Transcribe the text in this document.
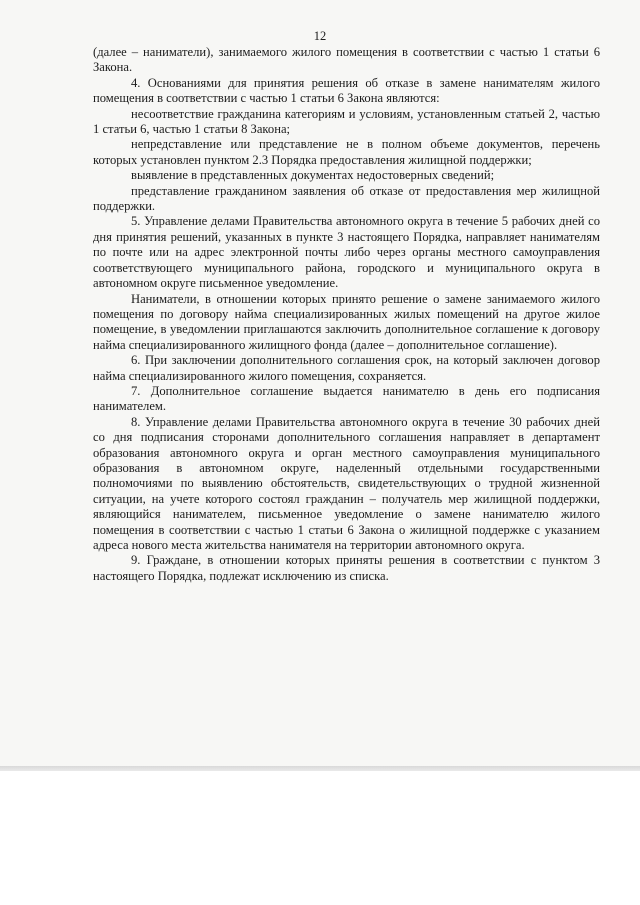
12

(далее – наниматели), занимаемого жилого помещения в соответствии с частью 1 статьи 6 Закона.

4. Основаниями для принятия решения об отказе в замене нанимателям жилого помещения в соответствии с частью 1 статьи 6 Закона являются:

несоответствие гражданина категориям и условиям, установленным статьей 2, частью 1 статьи 6, частью 1 статьи 8 Закона;

непредставление или представление не в полном объеме документов, перечень которых установлен пунктом 2.3 Порядка предоставления жилищной поддержки;

выявление в представленных документах недостоверных сведений;

представление гражданином заявления об отказе от предоставления мер жилищной поддержки.

5. Управление делами Правительства автономного округа в течение 5 рабочих дней со дня принятия решений, указанных в пункте 3 настоящего Порядка, направляет нанимателям по почте или на адрес электронной почты либо через органы местного самоуправления соответствующего муниципального района, городского и муниципального округа в автономном округе письменное уведомление.

Наниматели, в отношении которых принято решение о замене занимаемого жилого помещения по договору найма специализированных жилых помещений на другое жилое помещение, в уведомлении приглашаются заключить дополнительное соглашение к договору найма специализированного жилищного фонда (далее – дополнительное соглашение).

6. При заключении дополнительного соглашения срок, на который заключен договор найма специализированного жилого помещения, сохраняется.

7. Дополнительное соглашение выдается нанимателю в день его подписания нанимателем.

8. Управление делами Правительства автономного округа в течение 30 рабочих дней со дня подписания сторонами дополнительного соглашения направляет в департамент образования автономного округа и орган местного самоуправления муниципального образования в автономном округе, наделенный отдельными государственными полномочиями по выявлению обстоятельств, свидетельствующих о трудной жизненной ситуации, на учете которого состоял гражданин – получатель мер жилищной поддержки, являющийся нанимателем, письменное уведомление о замене нанимателю жилого помещения в соответствии с частью 1 статьи 6 Закона о жилищной поддержке с указанием адреса нового места жительства нанимателя на территории автономного округа.

9. Граждане, в отношении которых приняты решения в соответствии с пунктом 3 настоящего Порядка, подлежат исключению из списка.
